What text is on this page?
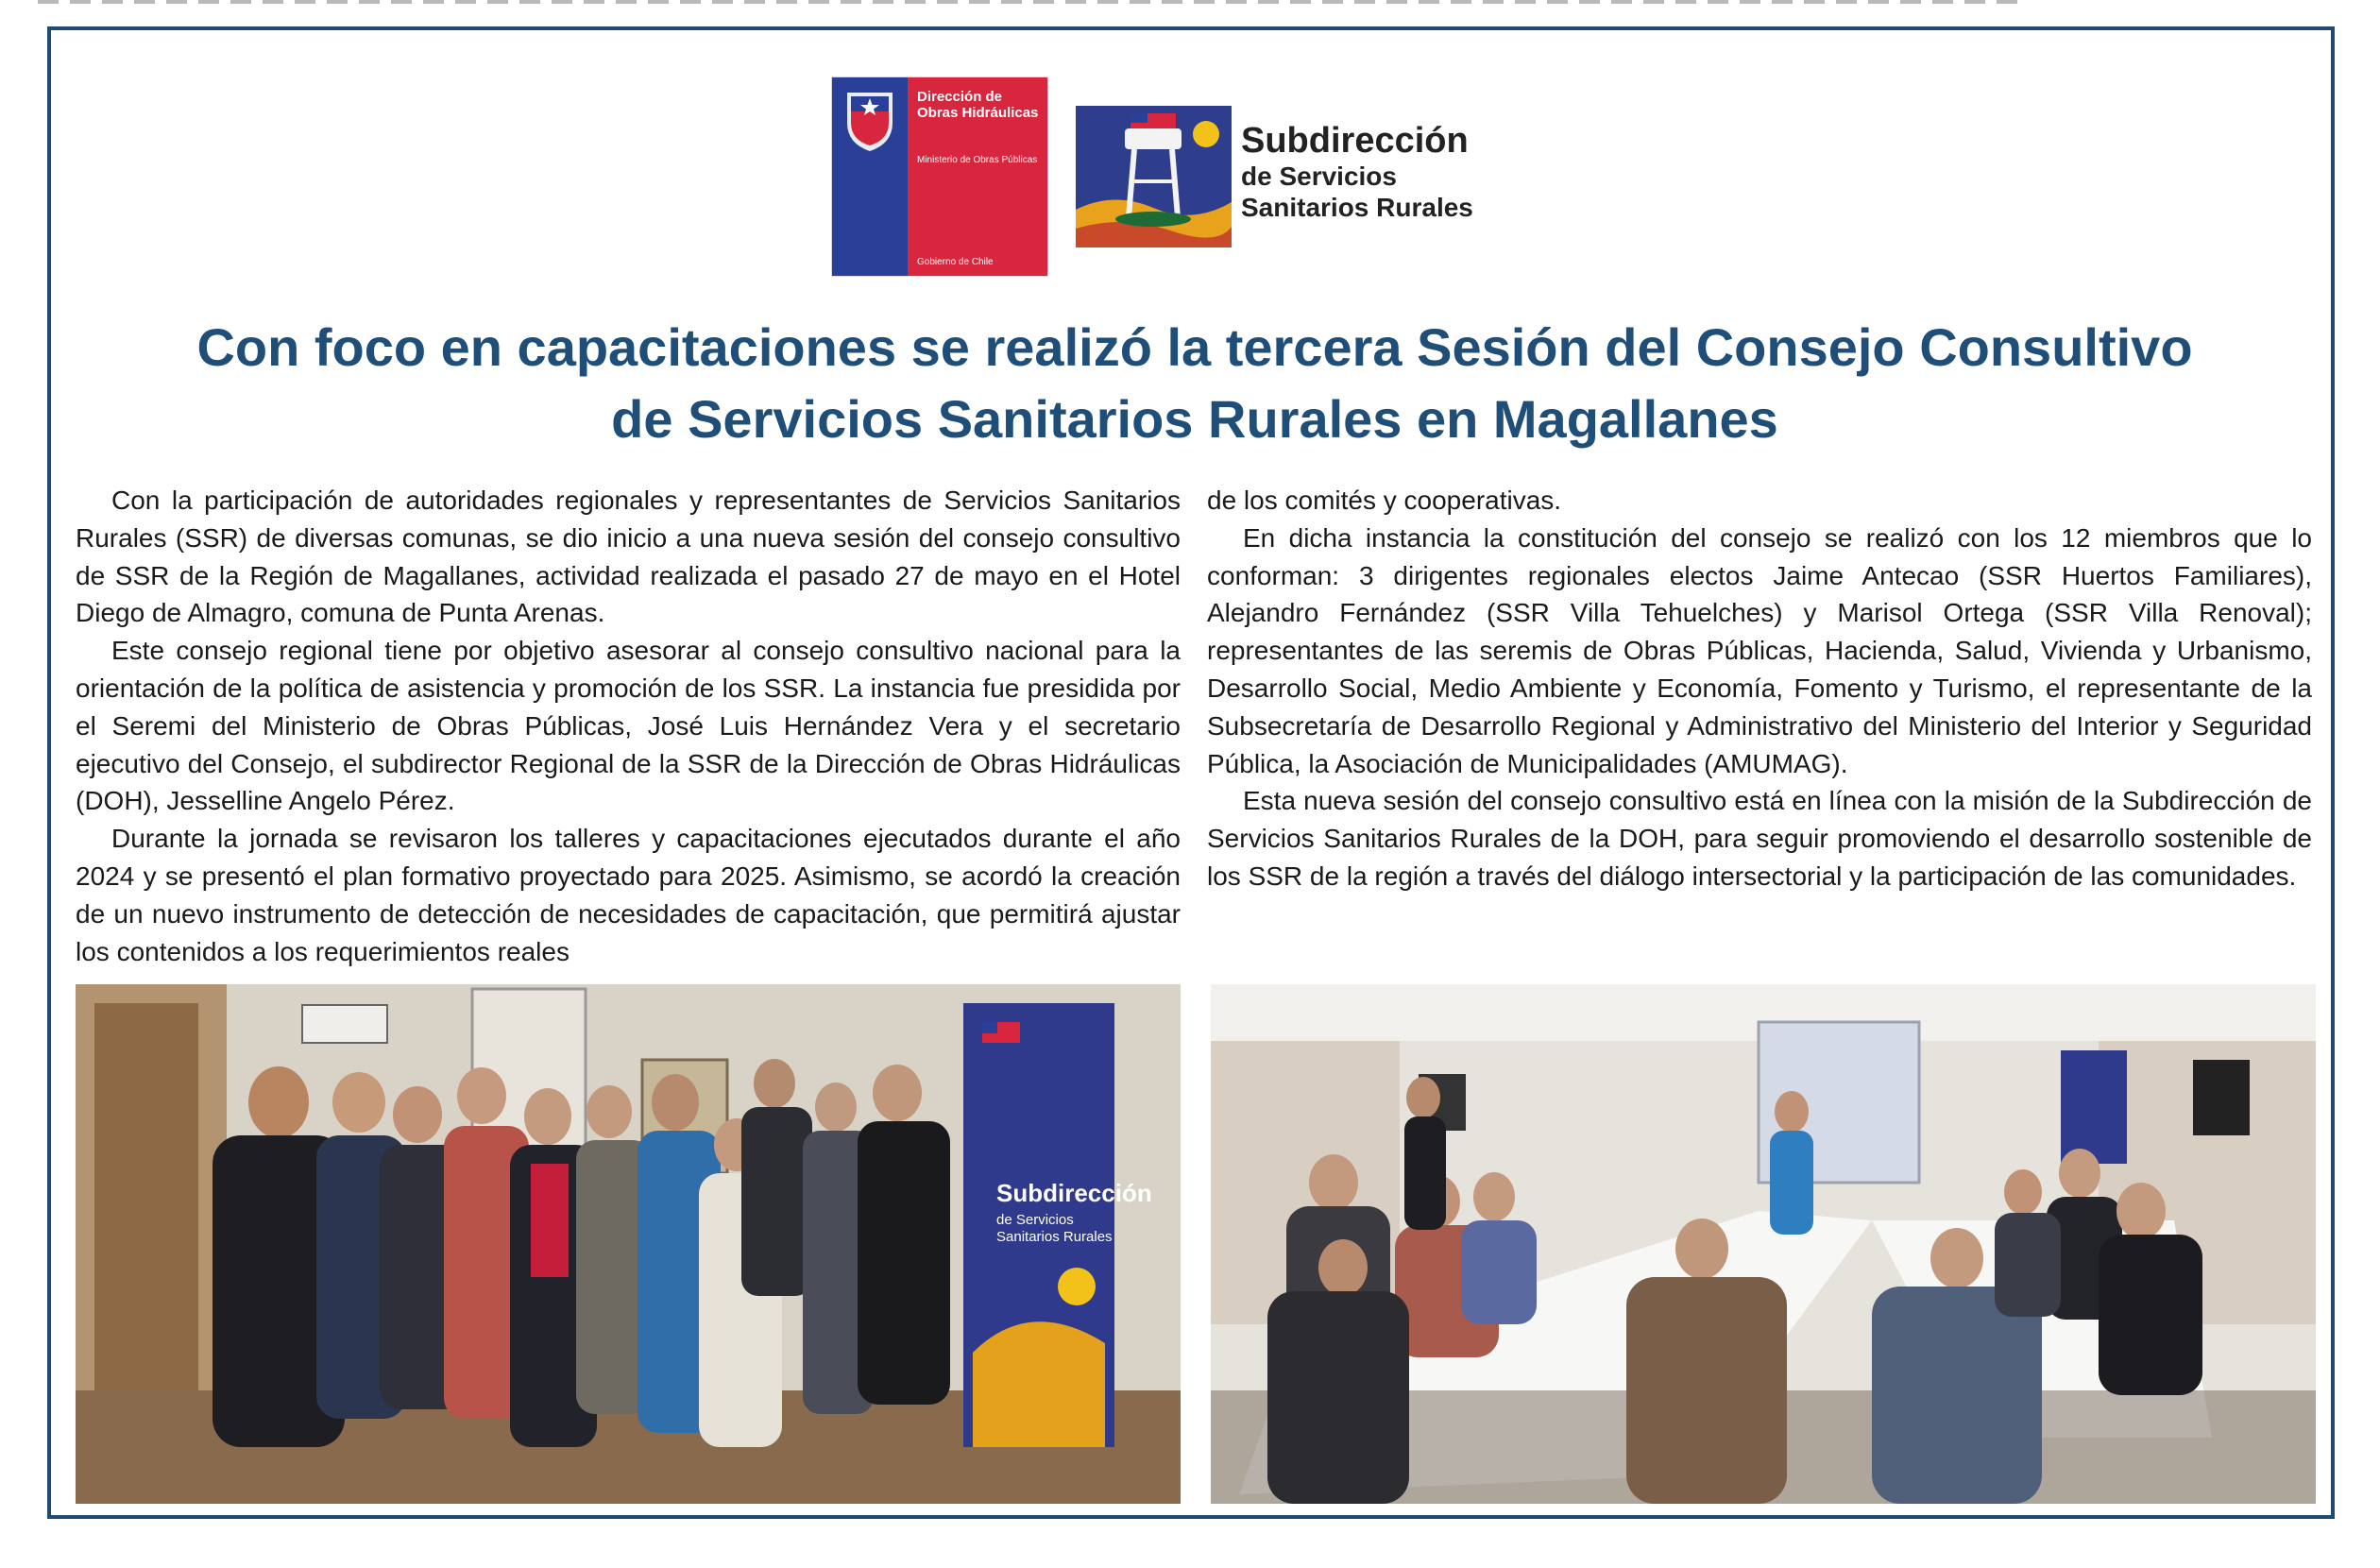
Dirección de Obras Hidráulicas
Ministerio de Obras Públicas
Gobierno de Chile
Subdirección
de Servicios
Sanitarios Rurales
Con foco en capacitaciones se realizó la tercera Sesión del Consejo Consultivo
de Servicios Sanitarios Rurales en Magallanes

Con la participación de autoridades regionales y representantes de Servicios Sanitarios Rurales (SSR) de diversas comunas, se dio inicio a una nueva sesión del consejo consultivo de SSR de la Región de Magallanes, actividad realizada el pasado 27 de mayo en el Hotel Diego de Almagro, comuna de Punta Arenas.

Este consejo regional tiene por objetivo asesorar al consejo consultivo nacional para la orientación de la política de asistencia y promoción de los SSR. La instancia fue presidida por el Seremi del Ministerio de Obras Públicas, José Luis Hernández Vera y el secretario ejecutivo del Consejo, el subdirector Regional de la SSR de la Dirección de Obras Hidráulicas (DOH), Jesselline Angelo Pérez.

Durante la jornada se revisaron los talleres y capacitaciones ejecutados durante el año 2024 y se presentó el plan formativo proyectado para 2025. Asimismo, se acordó la creación de un nuevo instrumento de detección de necesidades de capacitación, que permitirá ajustar los contenidos a los requerimientos reales

de los comités y cooperativas.

En dicha instancia la constitución del consejo se realizó con los 12 miembros que lo conforman: 3 dirigentes regionales electos Jaime Antecao (SSR Huertos Familiares), Alejandro Fernández (SSR Villa Tehuelches) y Marisol Ortega (SSR Villa Renoval); representantes de las seremis de Obras Públicas, Hacienda, Salud, Vivienda y Urbanismo, Desarrollo Social, Medio Ambiente y Economía, Fomento y Turismo, el representante de la Subsecretaría de Desarrollo Regional y Administrativo del Ministerio del Interior y Seguridad Pública, la Asociación de Municipalidades (AMUMAG).

Esta nueva sesión del consejo consultivo está en línea con la misión de la Subdirección de Servicios Sanitarios Rurales de la DOH, para seguir promoviendo el desarrollo sostenible de los SSR de la región a través del diálogo intersectorial y la participación de las comunidades.

Subdirección
de Servicios
Sanitarios Rurales
